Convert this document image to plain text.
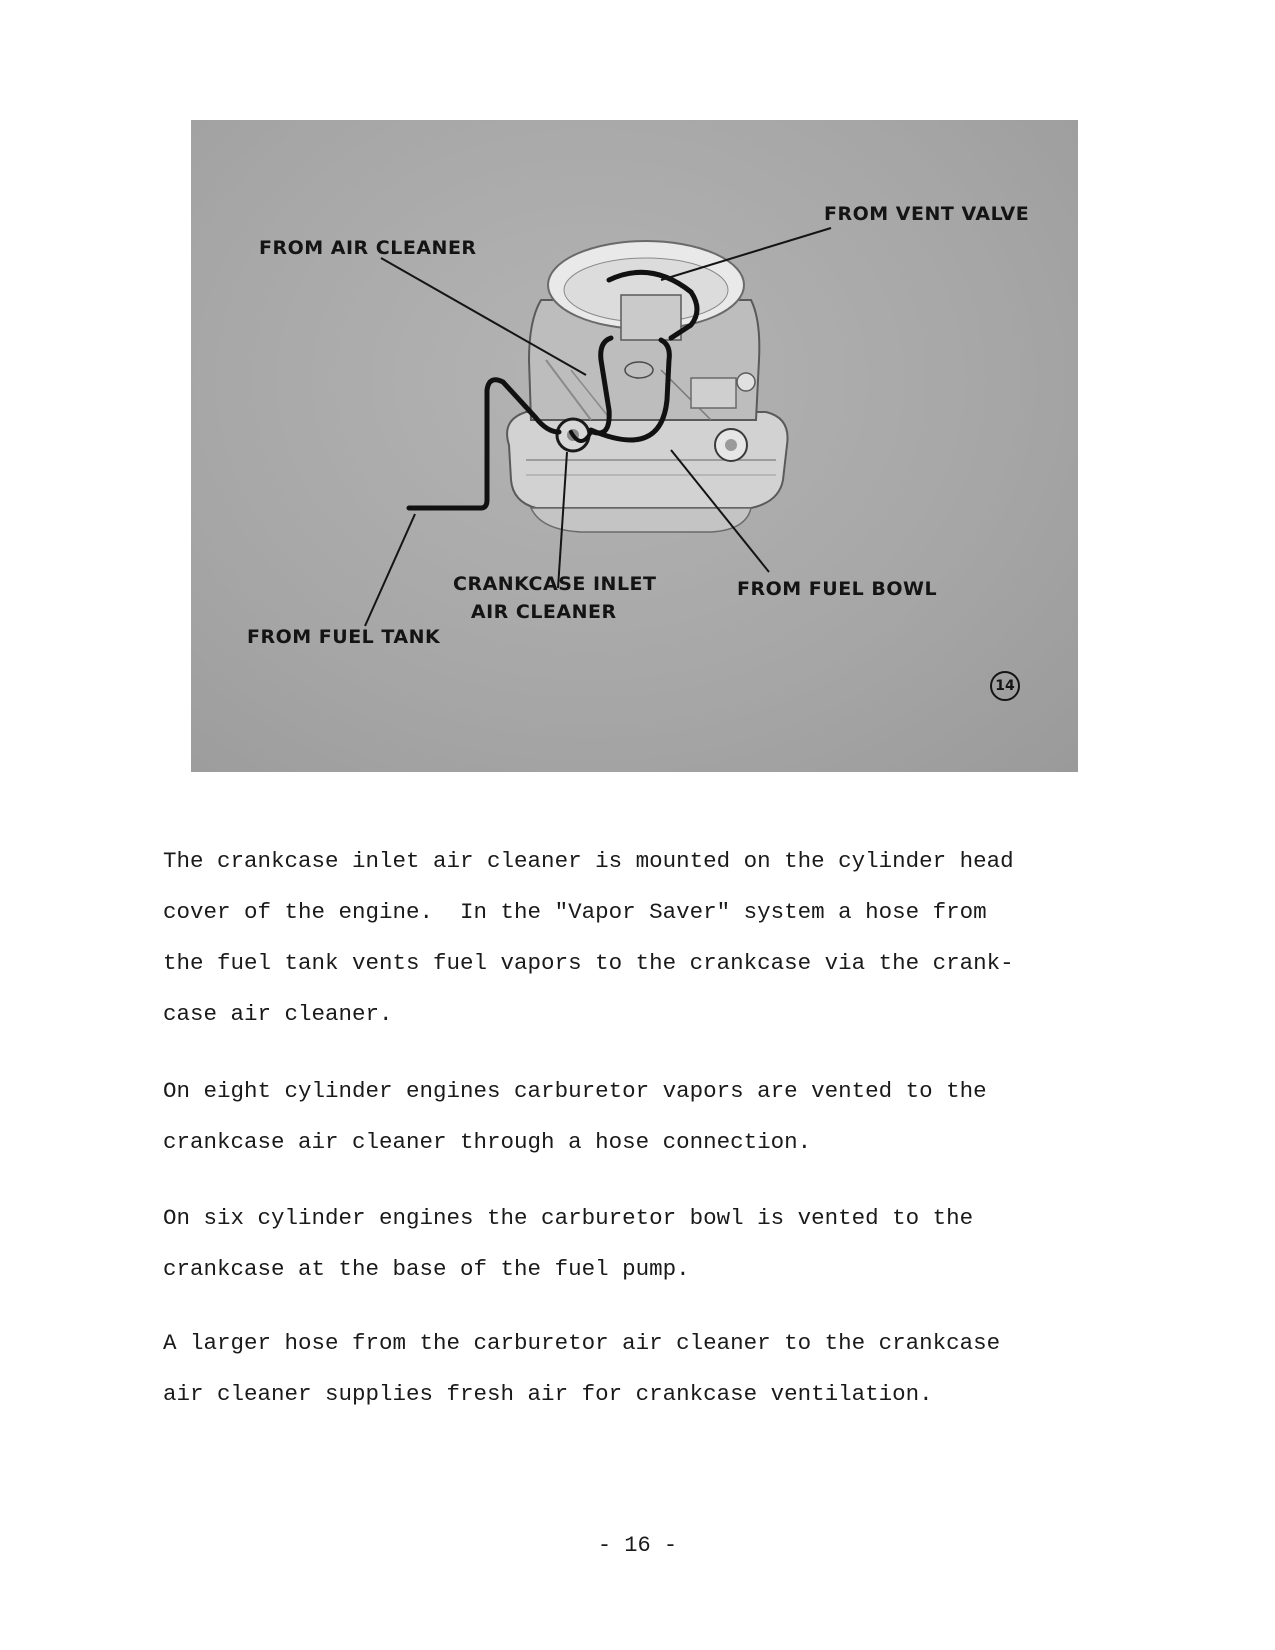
FROM VENT VALVE
FROM AIR CLEANER
CRANKCASE INLET
AIR CLEANER
FROM FUEL BOWL
FROM FUEL TANK
14

The crankcase inlet air cleaner is mounted on the cylinder head
cover of the engine.  In the "Vapor Saver" system a hose from
the fuel tank vents fuel vapors to the crankcase via the crank-
case air cleaner.

On eight cylinder engines carburetor vapors are vented to the
crankcase air cleaner through a hose connection.

On six cylinder engines the carburetor bowl is vented to the
crankcase at the base of the fuel pump.

A larger hose from the carburetor air cleaner to the crankcase
air cleaner supplies fresh air for crankcase ventilation.

- 16 -
